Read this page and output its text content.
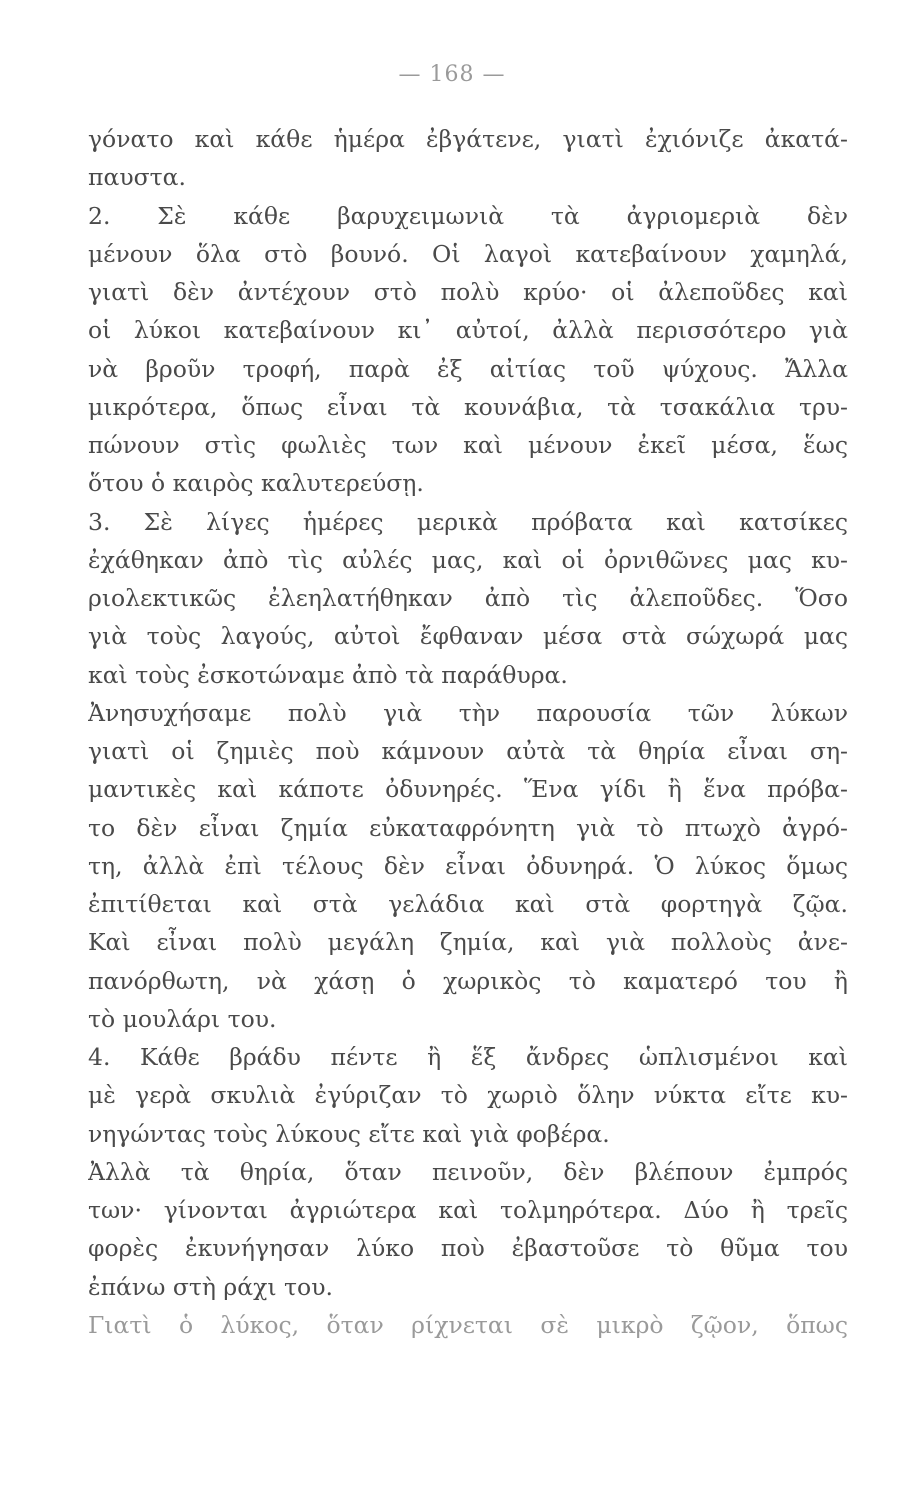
— 168 —
γόνατο καὶ κάθε ἡμέρα ἐβγάτενε, γιατὶ ἐχιόνιζε ἀκατά-
παυστα.
2. Σὲ κάθε βαρυχειμωνιὰ τὰ ἀγριομεριὰ δὲν
μένουν ὅλα στὸ βουνό. Οἱ λαγοὶ κατεβαίνουν χαμηλά,
γιατὶ δὲν ἀντέχουν στὸ πολὺ κρύο· οἱ ἀλεποῦδες καὶ
οἱ λύκοι κατεβαίνουν κι᾽ αὐτοί, ἀλλὰ περισσότερο γιὰ
νὰ βροῦν τροφή, παρὰ ἐξ αἰτίας τοῦ ψύχους. Ἄλλα
μικρότερα, ὅπως εἶναι τὰ κουνάβια, τὰ τσακάλια τρυ-
πώνουν στὶς φωλιὲς των καὶ μένουν ἐκεῖ μέσα, ἕως
ὅτου ὁ καιρὸς καλυτερεύσῃ.
3. Σὲ λίγες ἡμέρες μερικὰ πρόβατα καὶ κατσίκες
ἐχάθηκαν ἀπὸ τὶς αὐλές μας, καὶ οἱ ὀρνιθῶνες μας κυ-
ριολεκτικῶς ἐλεηλατήθηκαν ἀπὸ τὶς ἀλεποῦδες. Ὅσο
γιὰ τοὺς λαγούς, αὐτοὶ ἔφθαναν μέσα στὰ σώχωρά μας
καὶ τοὺς ἐσκοτώναμε ἀπὸ τὰ παράθυρα.
Ἀνησυχήσαμε πολὺ γιὰ τὴν παρουσία τῶν λύκων
γιατὶ οἱ ζημιὲς ποὺ κάμνουν αὐτὰ τὰ θηρία εἶναι ση-
μαντικὲς καὶ κάποτε ὀδυνηρές. Ἕνα γίδι ἢ ἕνα πρόβα-
το δὲν εἶναι ζημία εὐκαταφρόνητη γιὰ τὸ πτωχὸ ἀγρό-
τη, ἀλλὰ ἐπὶ τέλους δὲν εἶναι ὀδυνηρά. Ὁ λύκος ὅμως
ἐπιτίθεται καὶ στὰ γελάδια καὶ στὰ φορτηγὰ ζῷα.
Καὶ εἶναι πολὺ μεγάλη ζημία, καὶ γιὰ πολλοὺς ἀνε-
πανόρθωτη, νὰ χάσῃ ὁ χωρικὸς τὸ καματερό του ἢ
τὸ μουλάρι του.
4. Κάθε βράδυ πέντε ἢ ἕξ ἄνδρες ὡπλισμένοι καὶ
μὲ γερὰ σκυλιὰ ἐγύριζαν τὸ χωριὸ ὅλην νύκτα εἴτε κυ-
νηγώντας τοὺς λύκους εἴτε καὶ γιὰ φοβέρα.
Ἀλλὰ τὰ θηρία, ὅταν πεινοῦν, δὲν βλέπουν ἐμπρός
των· γίνονται ἀγριώτερα καὶ τολμηρότερα. Δύο ἢ τρεῖς
φορὲς ἐκυνήγησαν λύκο ποὺ ἐβαστοῦσε τὸ θῦμα του
ἐπάνω στὴ ράχι του.
Γιατὶ ὁ λύκος, ὅταν ρίχνεται σὲ μικρὸ ζῷον, ὅπως
